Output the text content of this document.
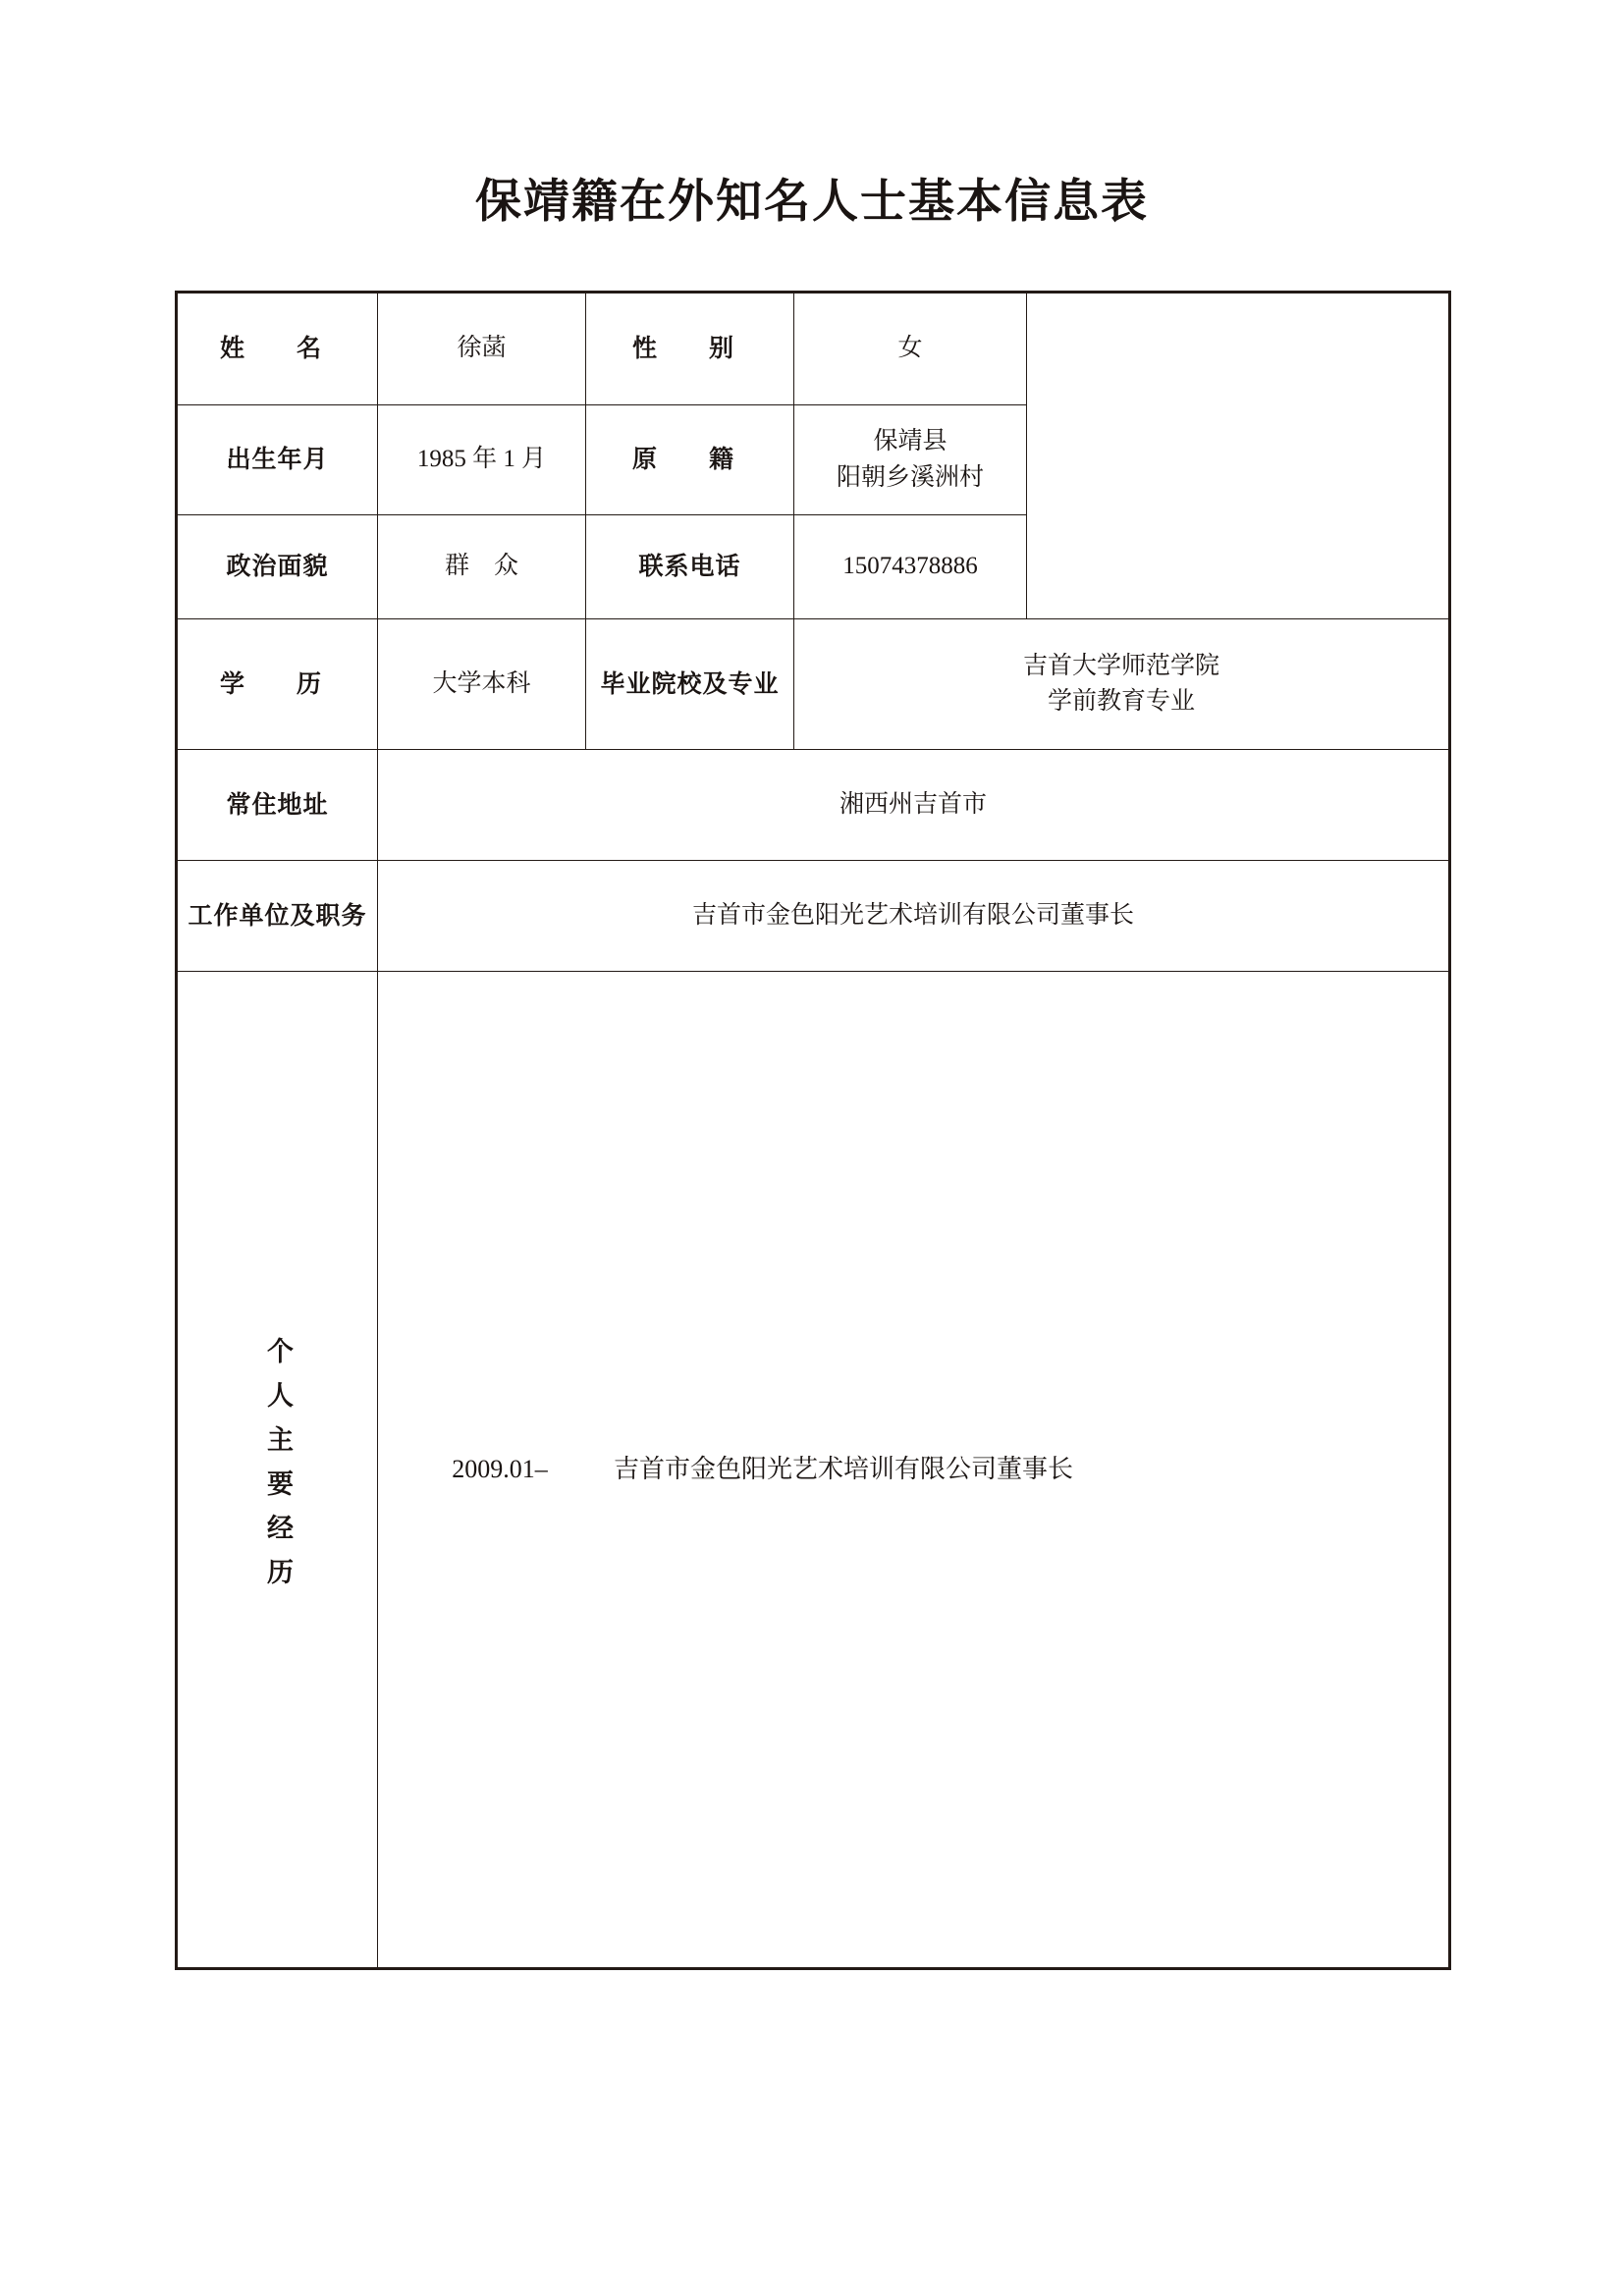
保靖籍在外知名人士基本信息表
姓　名	徐菡	性　别	女	

出生年月	1985 年 1 月	原　籍	保靖县
阳朝乡溪洲村	

政治面貌	群　众	联系电话	15074378886	
学　历	大学本科	毕业院校及专业	吉首大学师范学院
学前教育专业	

常住地址	湘西州吉首市			
工作单位及职务	吉首市金色阳光艺术培训有限公司董事长			

个人主要经历	2009.01– 吉首市金色阳光艺术培训有限公司董事长			
